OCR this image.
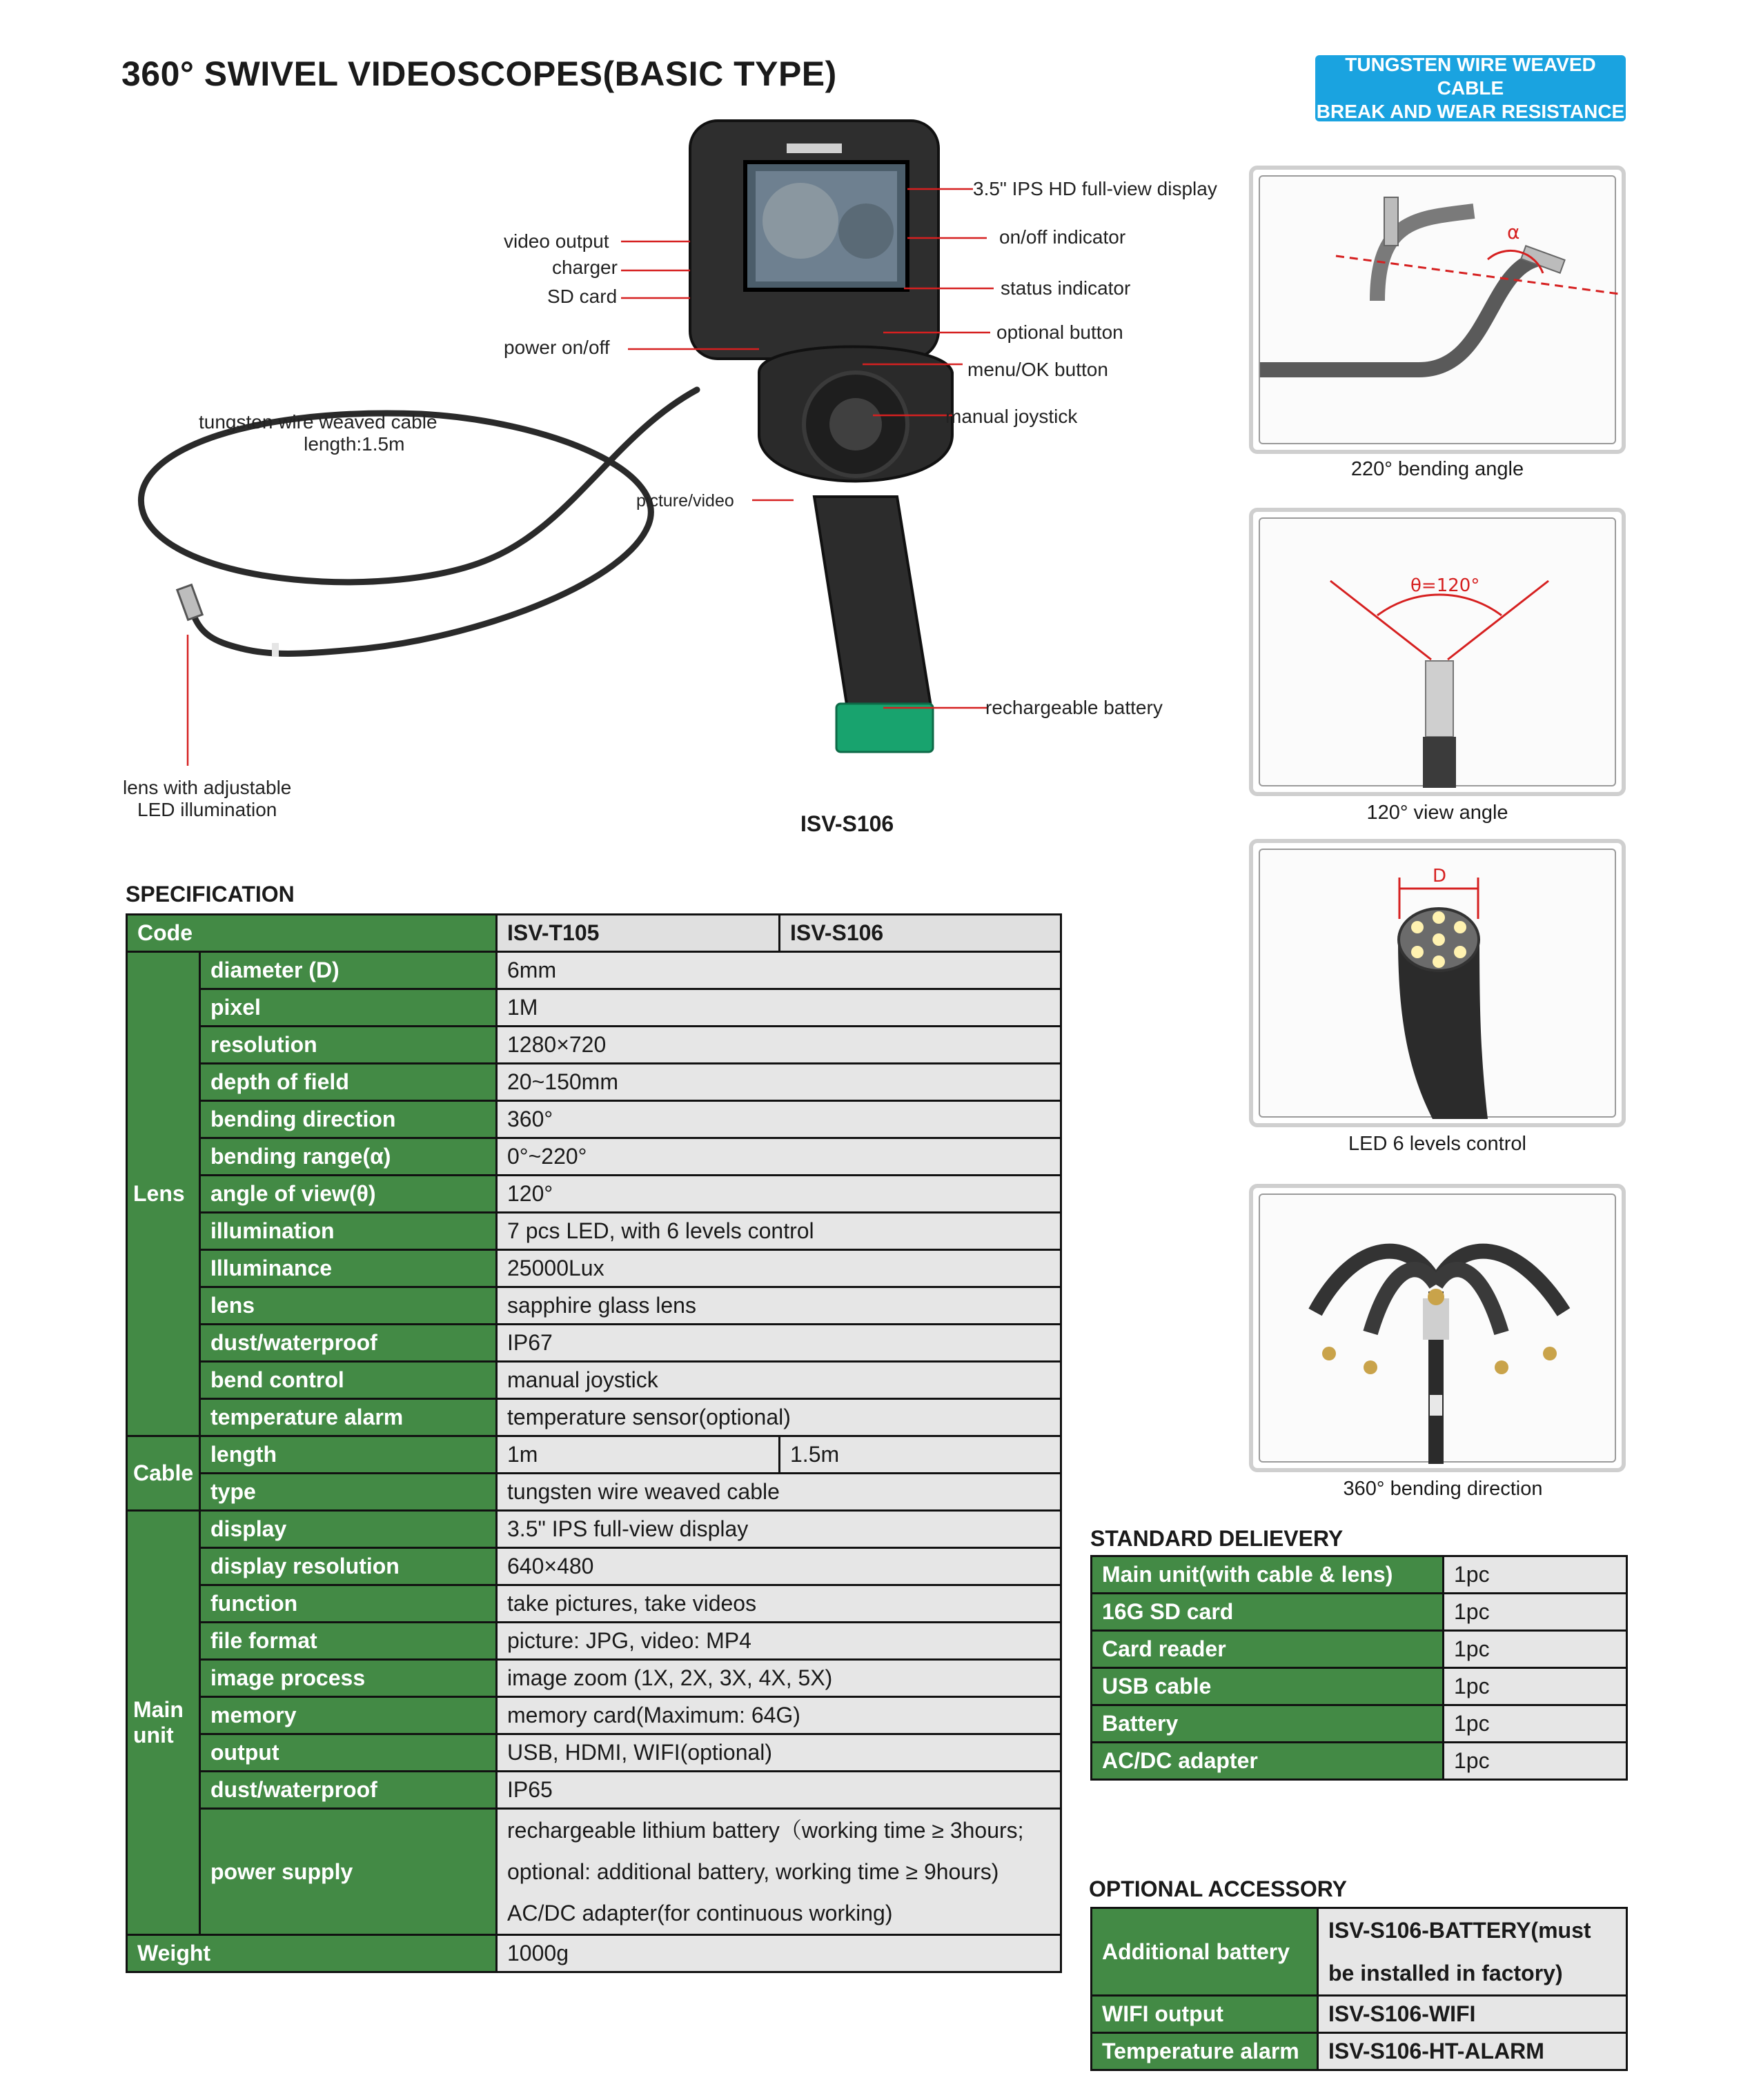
360° SWIVEL VIDEOSCOPES(BASIC TYPE)	TUNGSTEN WIRE WEAVED CABLE
BREAK AND WEAR RESISTANCE
3.5" IPS HD full-view display
on/off indicator
status indicator
optional button
menu/OK button
manual joystick
video output
charger
SD card
power on/off
tungsten wire weaved cable
length:1.5m
picture/video
rechargeable battery
lens with adjustable
LED illumination
ISV-S106
α
220° bending angle
θ=120°
120° view angle
D
LED 6 levels control
360° bending direction
SPECIFICATION
Code		ISV-T105	ISV-S106
Lens	diameter (D)	6mm	
	pixel	1M	
	resolution	1280×720	
	depth of field	20~150mm	
	bending direction	360°	
	bending range(α)	0°~220°	
	angle of view(θ)	120°	
	illumination	7 pcs LED, with 6 levels control	
	Illuminance	25000Lux	
	lens	sapphire glass lens	
	dust/waterproof	IP67	
	bend control	manual joystick	
	temperature alarm	temperature sensor(optional)	
Cable	length	1m	1.5m
	type	tungsten wire weaved cable	

Main
unit	display	3.5" IPS full-view display	
	display resolution	640×480	
	function	take pictures, take videos	
	file format	picture: JPG, video: MP4	
	image process	image zoom (1X, 2X, 3X, 4X, 5X)	
	memory	memory card(Maximum: 64G)	
	output	USB, HDMI, WIFI(optional)	
	dust/waterproof	IP65	
	power supply	rechargeable lithium battery（working time ≥ 3hours;
optional: additional battery, working time ≥ 9hours)
AC/DC adapter(for continuous working)	

Weight		1000g	
STANDARD DELIEVERY
Main unit(with cable & lens)	1pc
16G SD card	1pc
Card reader	1pc
USB cable	1pc
Battery	1pc
AC/DC adapter	1pc
OPTIONAL ACCESSORY
Additional battery	ISV-S106-BATTERY(must
be installed in factory)

WIFI output	ISV-S106-WIFI
Temperature alarm	ISV-S106-HT-ALARM
